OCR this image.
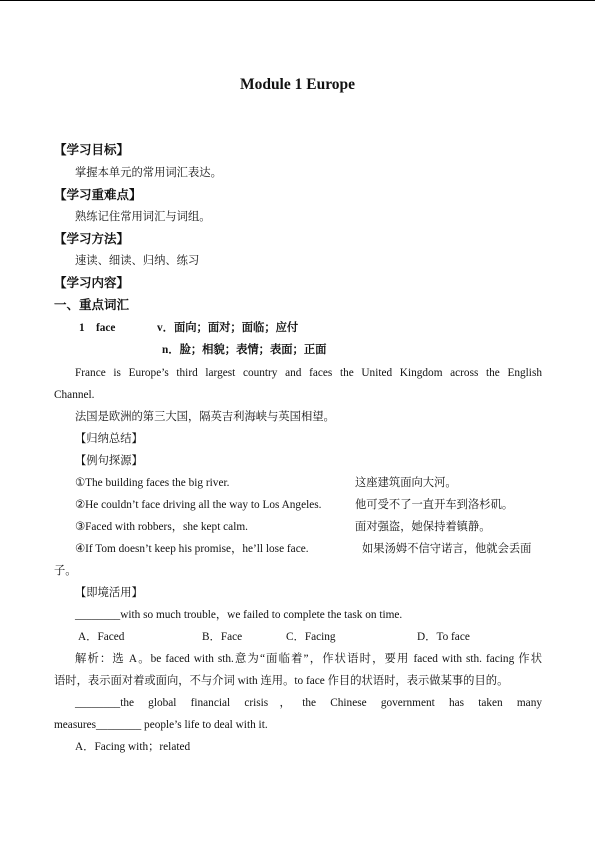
Module 1 Europe
【学习目标】
掌握本单元的常用词汇表达。
【学习重难点】
熟练记住常用词汇与词组。
【学习方法】
速读、细读、归纳、练习
【学习内容】
一、重点词汇
1 face	v．面向；面对；面临；应付
n．脸；相貌；表情；表面；正面
France is Europe’s third largest country and faces the United Kingdom across the English
Channel.
法国是欧洲的第三大国，隔英吉利海峡与英国相望。
【归纳总结】
【例句探源】
①The building faces the big river.	这座建筑面向大河。
②He couldn’t face driving all the way to Los Angeles.	他可受不了一直开车到洛杉矶。
③Faced with robbers，she kept calm.	面对强盗，她保持着镇静。
④If Tom doesn’t keep his promise，he’ll lose face.	如果汤姆不信守诺言，他就会丢面
子。
【即境活用】
________with so much trouble，we failed to complete the task on time.
A．Faced	B．Face	C．Facing	D．To face
解析：选 A。be faced with sth.意为“面临着”，作状语时，要用 faced with sth. facing 作状
语时，表示面对着或面向，不与介词 with 连用。to face 作目的状语时，表示做某事的目的。
________the global financial crisis，the Chinese government has taken many
measures________ people’s life to deal with it.
A．Facing with；related
